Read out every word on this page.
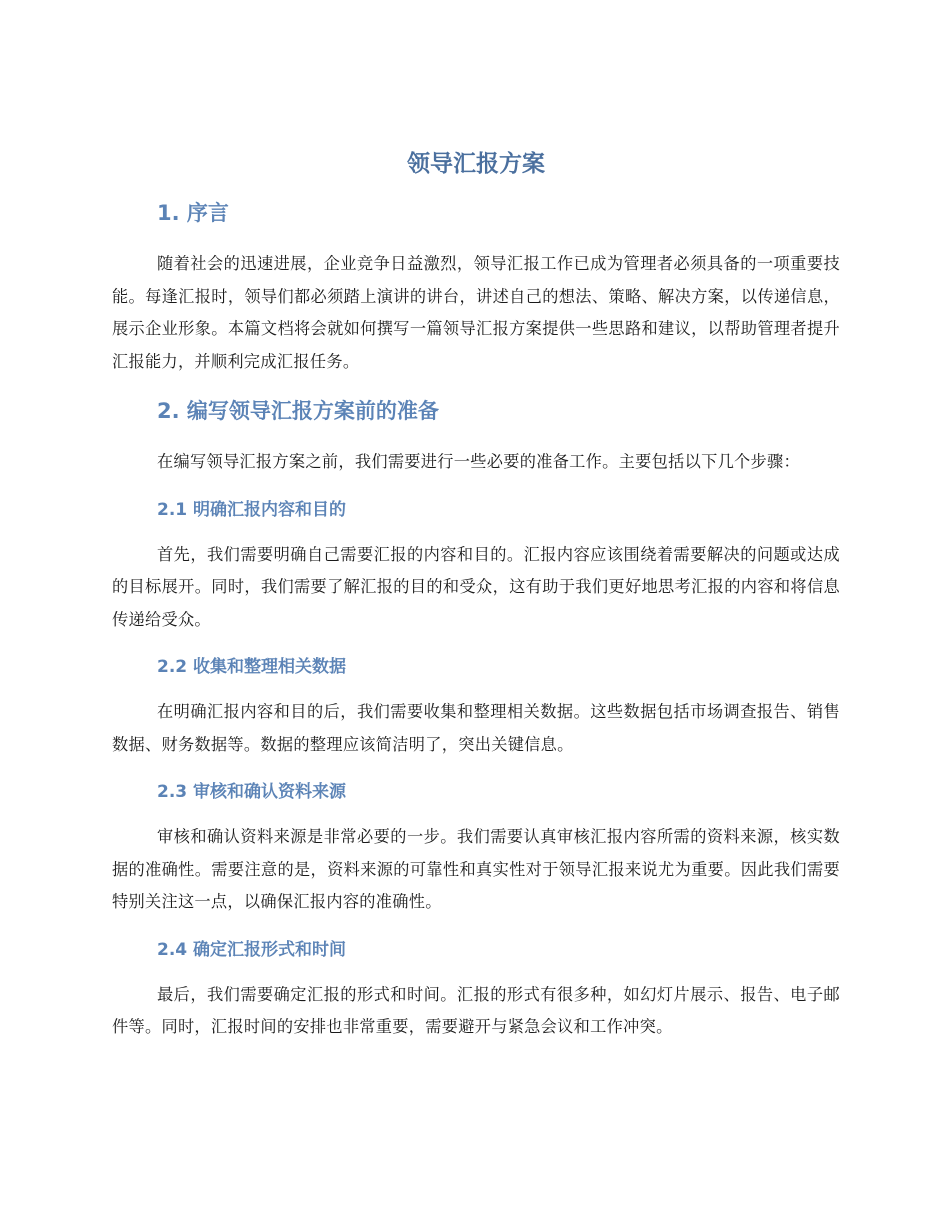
领导汇报方案
1. 序言

随着社会的迅速进展，企业竞争日益激烈，领导汇报工作已成为管理者必须具备的一项重要技能。每逢汇报时，领导们都必须踏上演讲的讲台，讲述自己的想法、策略、解决方案，以传递信息，展示企业形象。本篇文档将会就如何撰写一篇领导汇报方案提供一些思路和建议，以帮助管理者提升汇报能力，并顺利完成汇报任务。

2. 编写领导汇报方案前的准备

在编写领导汇报方案之前，我们需要进行一些必要的准备工作。主要包括以下几个步骤：

2.1 明确汇报内容和目的

首先，我们需要明确自己需要汇报的内容和目的。汇报内容应该围绕着需要解决的问题或达成的目标展开。同时，我们需要了解汇报的目的和受众，这有助于我们更好地思考汇报的内容和将信息传递给受众。

2.2 收集和整理相关数据

在明确汇报内容和目的后，我们需要收集和整理相关数据。这些数据包括市场调查报告、销售数据、财务数据等。数据的整理应该简洁明了，突出关键信息。

2.3 审核和确认资料来源

审核和确认资料来源是非常必要的一步。我们需要认真审核汇报内容所需的资料来源，核实数据的准确性。需要注意的是，资料来源的可靠性和真实性对于领导汇报来说尤为重要。因此我们需要特别关注这一点，以确保汇报内容的准确性。

2.4 确定汇报形式和时间

最后，我们需要确定汇报的形式和时间。汇报的形式有很多种，如幻灯片展示、报告、电子邮件等。同时，汇报时间的安排也非常重要，需要避开与紧急会议和工作冲突。
